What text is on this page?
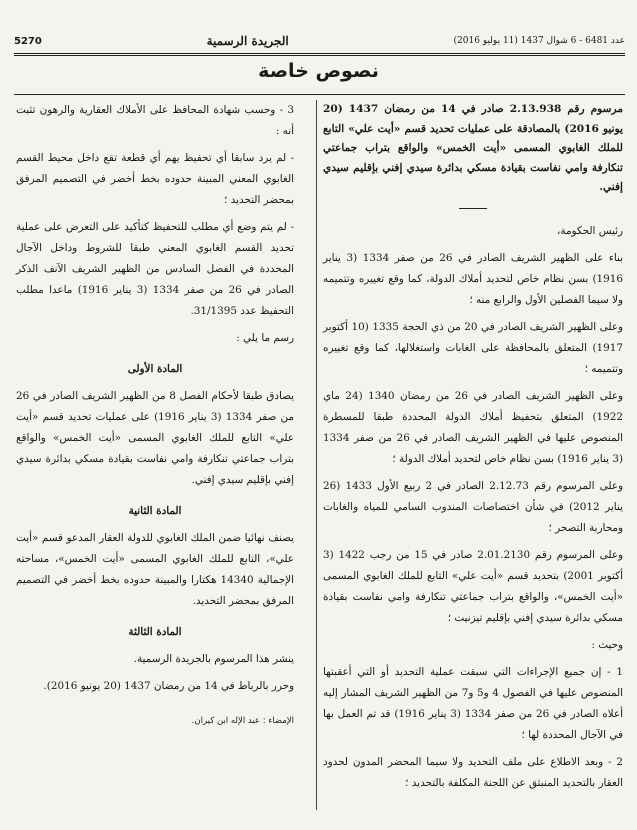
5270	الجريدة الرسمية	عدد 6481 - 6 شوال 1437 (11 يوليو 2016)
نصوص خاصة

مرسوم رقم 2.13.938 صادر في 14 من رمضان 1437 (20 يونيو 2016) بالمصادقة على عمليات تحديد قسم «أيت علي» التابع للملك الغابوي المسمى «أيت الخمس» والواقع بتراب جماعتي تنكارفة وامي نفاست بقيادة مسكي بدائرة سيدي إفني بإقليم سيدي إفني.

رئيس الحكومة،

بناء على الظهير الشريف الصادر في 26 من صفر 1334 (3 يناير 1916) بسن نظام خاص لتحديد أملاك الدولة، كما وقع تغييره وتتميمه ولا سيما الفصلين الأول والرابع منه ؛

وعلى الظهير الشريف الصادر في 20 من ذي الحجة 1335 (10 أكتوبر 1917) المتعلق بالمحافظة على الغابات واستغلالها، كما وقع تغييره وتتميمه ؛

وعلى الظهير الشريف الصادر في 26 من رمضان 1340 (24 ماي 1922) المتعلق بتحفيظ أملاك الدولة المحددة طبقا للمسطرة المنصوص عليها في الظهير الشريف الصادر في 26 من صفر 1334 (3 يناير 1916) بسن نظام خاص لتحديد أملاك الدولة ؛

وعلى المرسوم رقم 2.12.73 الصادر في 2 ربيع الأول 1433 (26 يناير 2012) في شأن اختصاصات المندوب السامي للمياه والغابات ومحاربة التصحر ؛

وعلى المرسوم رقم 2.01.2130 صادر في 15 من رجب 1422 (3 أكتوبر 2001) بتحديد قسم «أيت علي» التابع للملك الغابوي المسمى «أيت الخمس»، والواقع بتراب جماعتي تنكارفة وامي نفاست بقيادة مسكي بدائرة سيدي إفني بإقليم تيزنيت ؛

وحيث :

1 - إن جميع الإجراءات التي سبقت عملية التحديد أو التي أعقبتها المنصوص عليها في الفصول 4 و5 و7 من الظهير الشريف المشار إليه أعلاه الصادر في 26 من صفر 1334 (3 يناير 1916) قد تم العمل بها في الآجال المحددة لها ؛

2 - وبعد الاطلاع على ملف التحديد ولا سيما المحضر المدون لحدود العقار بالتحديد المنبثق عن اللجنة المكلفة بالتحديد ؛

3 - وحسب شهادة المحافظ على الأملاك العقارية والرهون تثبت أنه :

- لم يرد سابقا أي تحفيظ يهم أي قطعة تقع داخل محيط القسم الغابوي المعني المبينة حدوده بخط أخضر في التصميم المرفق بمحضر التحديد ؛

- لم يتم وضع أي مطلب للتحفيظ كتأكيد على التعرض على عملية تحديد القسم الغابوي المعني طبقا للشروط وداخل الآجال المحددة في الفصل السادس من الظهير الشريف الآنف الذكر الصادر في 26 من صفر 1334 (3 يناير 1916) ماعدا مطلب التحفيظ عدد 31/1395.

رسم ما يلي :

المادة الأولى

يصادق طبقا لأحكام الفصل 8 من الظهير الشريف الصادر في 26 من صفر 1334 (3 يناير 1916) على عمليات تحديد قسم «أيت علي» التابع للملك الغابوي المسمى «أيت الخمس» والواقع بتراب جماعتي تنكارفة وامي نفاست بقيادة مسكي بدائرة سيدي إفني بإقليم سيدي إفني.

المادة الثانية

يصنف نهائيا ضمن الملك الغابوي للدولة العقار المدعو قسم «أيت علي»، التابع للملك الغابوي المسمى «أيت الخمس»، مساحته الإجمالية 14340 هكتارا والمبينة حدوده بخط أخضر في التصميم المرفق بمحضر التحديد.

المادة الثالثة

ينشر هذا المرسوم بالجريدة الرسمية.

وحرر بالرباط في 14 من رمضان 1437 (20 يونيو 2016).

الإمضاء : عبد الإله ابن كيران.
